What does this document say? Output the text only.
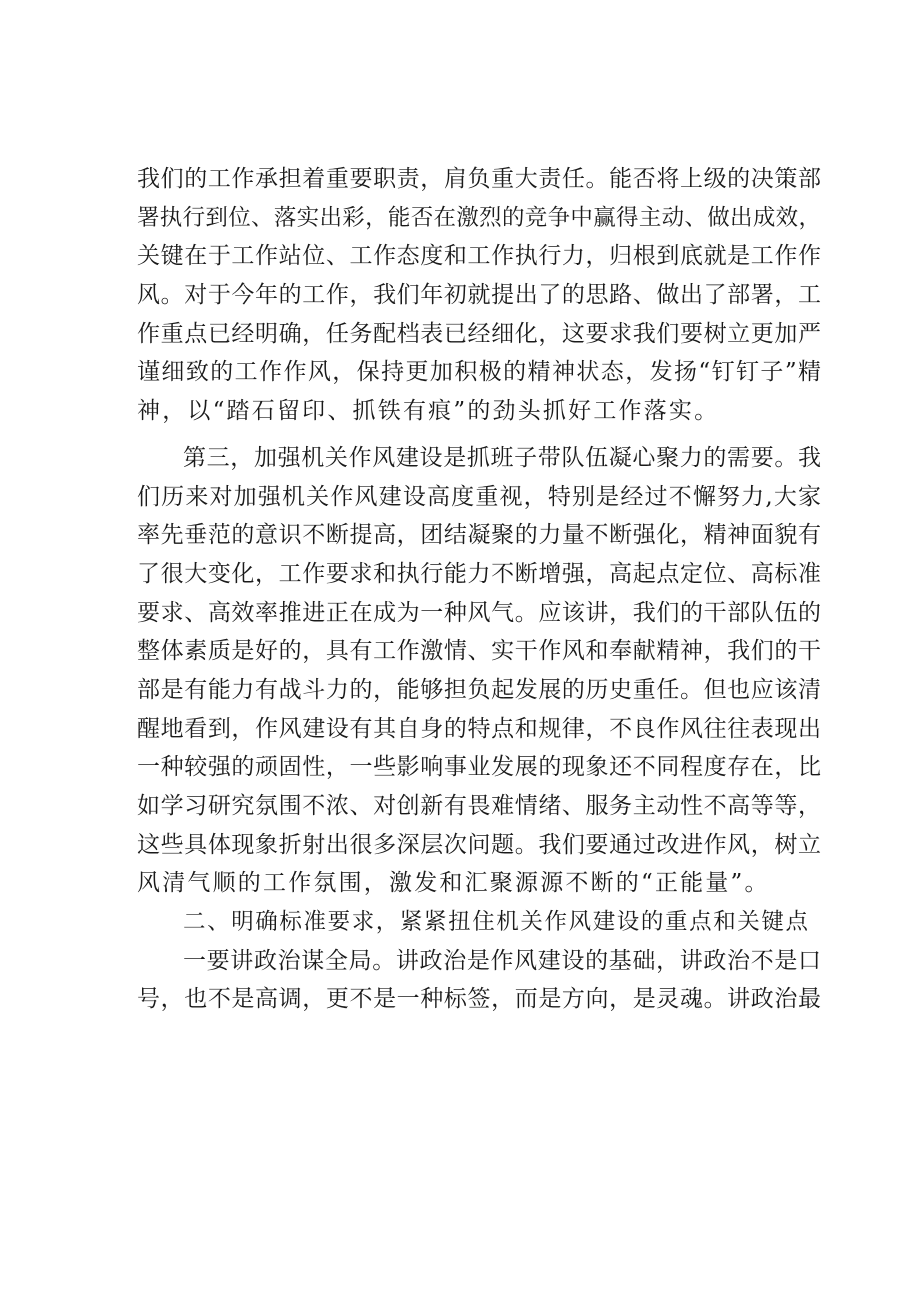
我们的工作承担着重要职责，肩负重大责任。能否将上级的决策部
署执行到位、落实出彩，能否在激烈的竞争中赢得主动、做出成效，
关键在于工作站位、工作态度和工作执行力，归根到底就是工作作
风。对于今年的工作，我们年初就提出了的思路、做出了部署，工
作重点已经明确，任务配档表已经细化，这要求我们要树立更加严
谨细致的工作作风，保持更加积极的精神状态，发扬“钉钉子”精
神，以“踏石留印、抓铁有痕”的劲头抓好工作落实。
第三，加强机关作风建设是抓班子带队伍凝心聚力的需要。我
们历来对加强机关作风建设高度重视，特别是经过不懈努力,大家
率先垂范的意识不断提高，团结凝聚的力量不断强化，精神面貌有
了很大变化，工作要求和执行能力不断增强，高起点定位、高标准
要求、高效率推进正在成为一种风气。应该讲，我们的干部队伍的
整体素质是好的，具有工作激情、实干作风和奉献精神，我们的干
部是有能力有战斗力的，能够担负起发展的历史重任。但也应该清
醒地看到，作风建设有其自身的特点和规律，不良作风往往表现出
一种较强的顽固性，一些影响事业发展的现象还不同程度存在，比
如学习研究氛围不浓、对创新有畏难情绪、服务主动性不高等等，
这些具体现象折射出很多深层次问题。我们要通过改进作风，树立
风清气顺的工作氛围，激发和汇聚源源不断的“正能量”。
二、明确标准要求，紧紧扭住机关作风建设的重点和关键点
一要讲政治谋全局。讲政治是作风建设的基础，讲政治不是口
号，也不是高调，更不是一种标签，而是方向，是灵魂。讲政治最
